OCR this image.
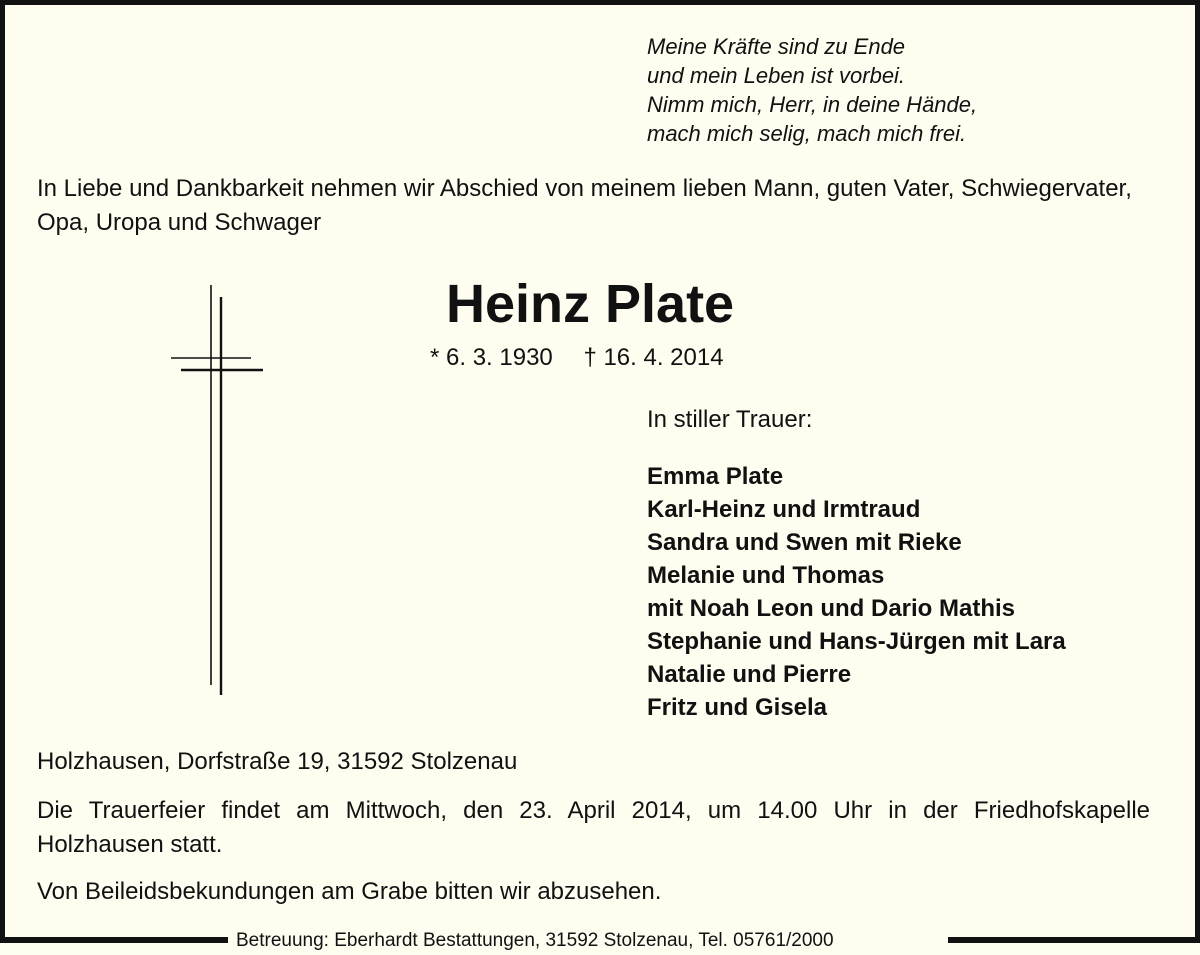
Meine Kräfte sind zu Ende
und mein Leben ist vorbei.
Nimm mich, Herr, in deine Hände,
mach mich selig, mach mich frei.
In Liebe und Dankbarkeit nehmen wir Abschied von meinem lieben Mann, guten Vater, Schwiegervater, Opa, Uropa und Schwager
Heinz Plate
* 6. 3. 1930 † 16. 4. 2014
In stiller Trauer:
Emma Plate
Karl-Heinz und Irmtraud
Sandra und Swen mit Rieke
Melanie und Thomas
mit Noah Leon und Dario Mathis
Stephanie und Hans-Jürgen mit Lara
Natalie und Pierre
Fritz und Gisela
Holzhausen, Dorfstraße 19, 31592 Stolzenau
Die Trauerfeier findet am Mittwoch, den 23. April 2014, um 14.00 Uhr in der Friedhofskapelle Holzhausen statt.
Von Beileidsbekundungen am Grabe bitten wir abzusehen.
Betreuung: Eberhardt Bestattungen, 31592 Stolzenau, Tel. 05761/2000
